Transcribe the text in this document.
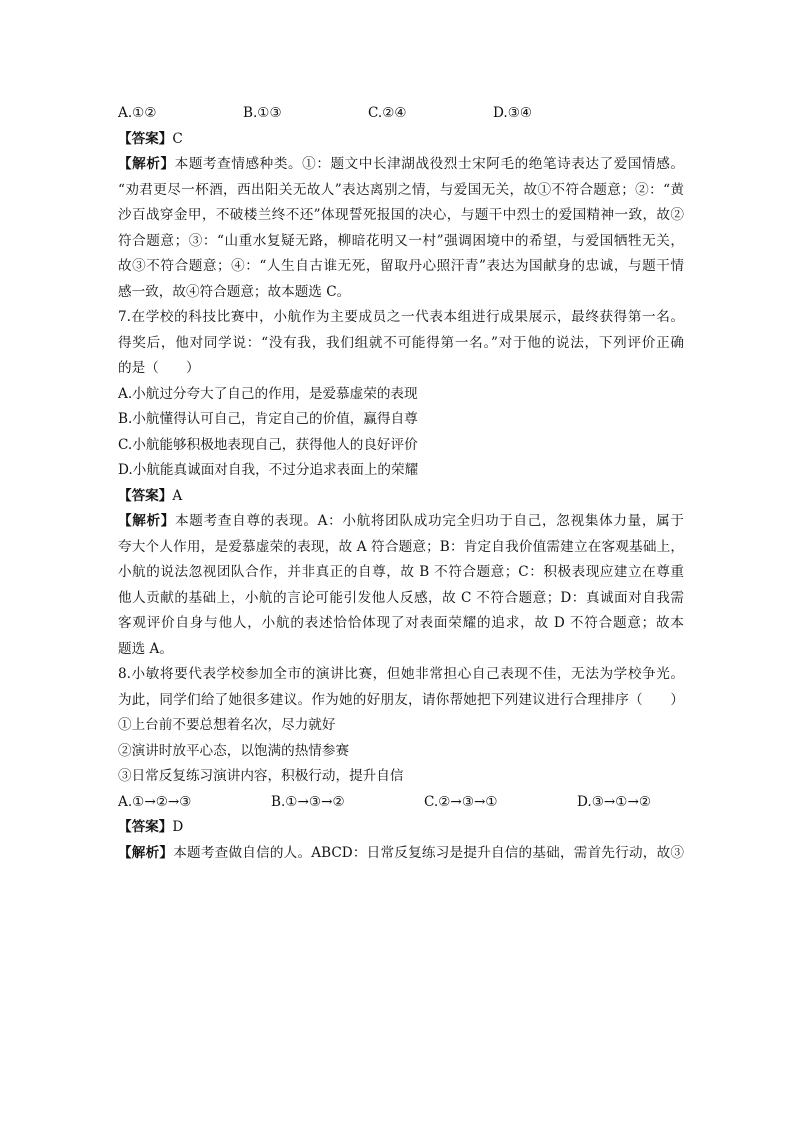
A.①②	B.①③	C.②④	D.③④
【答案】C
【解析】本题考查情感种类。①：题文中长津湖战役烈士宋阿毛的绝笔诗表达了爱国情感。
“劝君更尽一杯酒，西出阳关无故人”表达离别之情，与爱国无关，故①不符合题意；②：“黄
沙百战穿金甲，不破楼兰终不还”体现誓死报国的决心，与题干中烈士的爱国精神一致，故②
符合题意；③：“山重水复疑无路，柳暗花明又一村”强调困境中的希望，与爱国牺牲无关，
故③不符合题意；④：“人生自古谁无死，留取丹心照汗青”表达为国献身的忠诚，与题干情
感一致，故④符合题意；故本题选 C。
7.在学校的科技比赛中，小航作为主要成员之一代表本组进行成果展示，最终获得第一名。
得奖后，他对同学说：“没有我，我们组就不可能得第一名。”对于他的说法，下列评价正确
的是（　　）
A.小航过分夸大了自己的作用，是爱慕虚荣的表现
B.小航懂得认可自己，肯定自己的价值，赢得自尊
C.小航能够积极地表现自己，获得他人的良好评价
D.小航能真诚面对自我，不过分追求表面上的荣耀
【答案】A
【解析】本题考查自尊的表现。A：小航将团队成功完全归功于自己，忽视集体力量，属于
夸大个人作用，是爱慕虚荣的表现，故 A 符合题意；B：肯定自我价值需建立在客观基础上，
小航的说法忽视团队合作，并非真正的自尊，故 B 不符合题意；C：积极表现应建立在尊重
他人贡献的基础上，小航的言论可能引发他人反感，故 C 不符合题意；D：真诚面对自我需
客观评价自身与他人，小航的表述恰恰体现了对表面荣耀的追求，故 D 不符合题意；故本
题选 A。
8.小敏将要代表学校参加全市的演讲比赛，但她非常担心自己表现不佳，无法为学校争光。
为此，同学们给了她很多建议。作为她的好朋友，请你帮她把下列建议进行合理排序（　　）
①上台前不要总想着名次，尽力就好
②演讲时放平心态，以饱满的热情参赛
③日常反复练习演讲内容，积极行动，提升自信
A.①→②→③	B.①→③→②	C.②→③→①	D.③→①→②
【答案】D
【解析】本题考查做自信的人。ABCD：日常反复练习是提升自信的基础，需首先行动，故③
